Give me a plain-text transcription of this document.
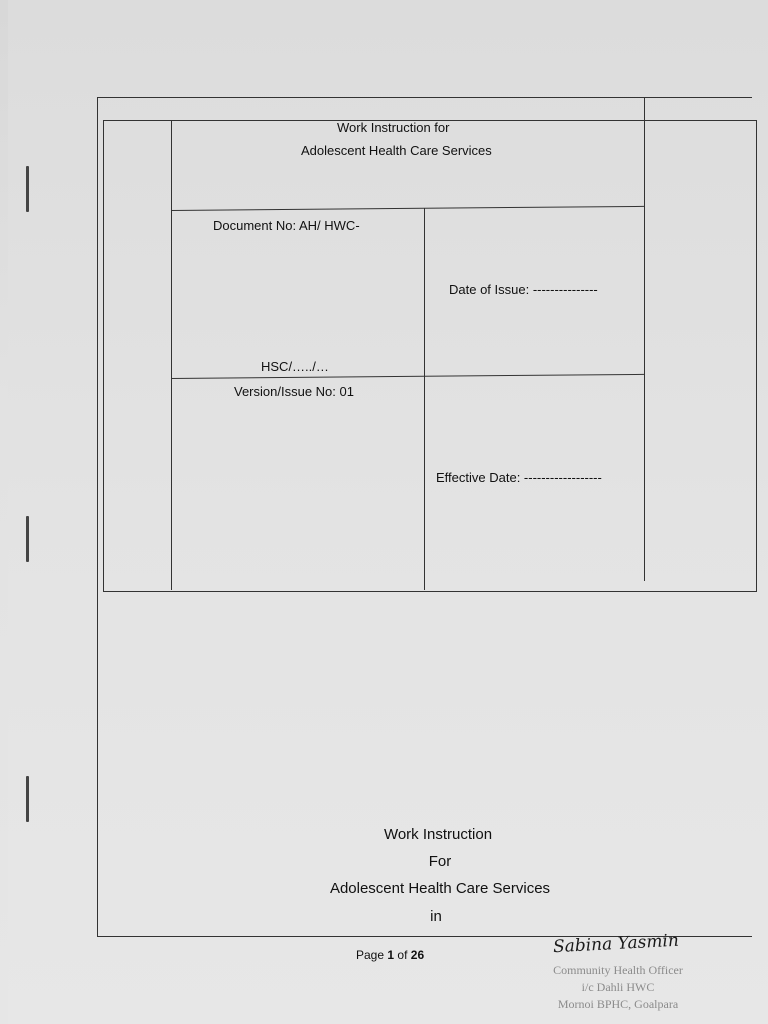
Work Instruction for
Adolescent Health Care Services
Document No: AH/ HWC-
Date of Issue: ---------------
HSC/…../…
Version/Issue No: 01
Effective Date: ------------------
Work Instruction
For
Adolescent Health Care Services
in
Page 1 of 26	Sabina Yasmin
Community Health Officer
i/c Dahli HWC
Mornoi BPHC, Goalpara
